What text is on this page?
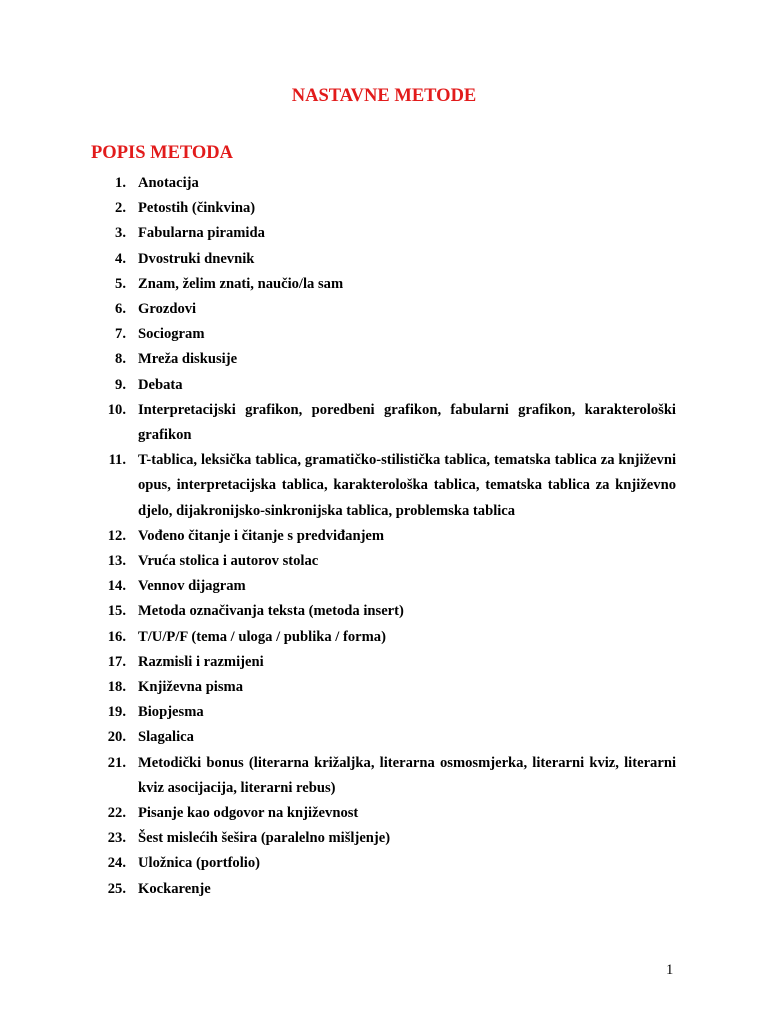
NASTAVNE METODE
POPIS METODA
1. Anotacija
2. Petostih (činkvina)
3. Fabularna piramida
4. Dvostruki dnevnik
5. Znam, želim znati, naučio/la sam
6. Grozdovi
7. Sociogram
8. Mreža diskusije
9. Debata
10. Interpretacijski grafikon, poredbeni grafikon, fabularni grafikon, karakterološki grafikon
11. T-tablica, leksička tablica, gramatičko-stilistička tablica, tematska tablica za književni opus, interpretacijska tablica, karakterološka tablica, tematska tablica za književno djelo, dijakronijsko-sinkronijska tablica, problemska tablica
12. Vođeno čitanje i čitanje s predviđanjem
13. Vruća stolica i autorov stolac
14. Vennov dijagram
15. Metoda označivanja teksta (metoda insert)
16. T/U/P/F (tema / uloga / publika / forma)
17. Razmisli i razmijeni
18. Književna pisma
19. Biopjesma
20. Slagalica
21. Metodički bonus (literarna križaljka, literarna osmosmjerka, literarni kviz, literarni kviz asocijacija, literarni rebus)
22. Pisanje kao odgovor na književnost
23. Šest mislećih šešira (paralelno mišljenje)
24. Uložnica (portfolio)
25. Kockarenje

1
